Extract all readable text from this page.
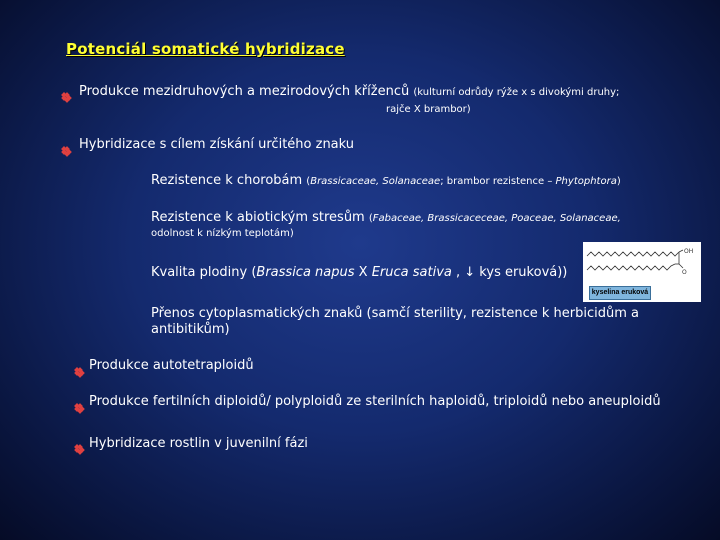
Potenciál somatické hybridizace
Produkce mezidruhových a mezirodových kříženců (kulturní odrůdy rýže x s divokými druhy;
rajče X brambor)
Hybridizace s cílem získání určitého znaku
Rezistence k chorobám (Brassicaceae, Solanaceae; brambor rezistence – Phytophtora)
Rezistence k abiotickým stresům (Fabaceae, Brassicaceceae, Poaceae, Solanaceae,
odolnost k nízkým teplotám)
Kvalita plodiny (Brassica napus X Eruca sativa , ↓ kys eruková))
Přenos cytoplasmatických znaků (samčí sterility, rezistence k herbicidům a
antibitikům)
OH
O
kyselina eruková
Produkce autotetraploidů
Produkce fertilních diploidů/ polyploidů ze sterilních haploidů, triploidů nebo aneuploidů
Hybridizace rostlin v juvenilní fázi
